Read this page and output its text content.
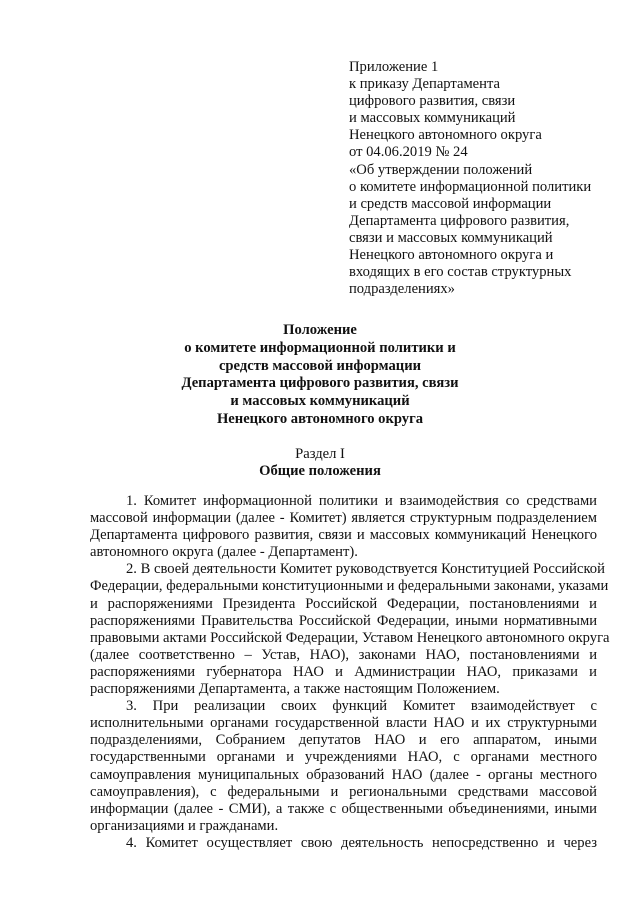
Приложение 1
к приказу Департамента
цифрового развития, связи
и массовых коммуникаций
Ненецкого автономного округа
от 04.06.2019 № 24
«Об утверждении положений
о комитете информационной политики
и средств массовой информации
Департамента цифрового развития,
связи и массовых коммуникаций
Ненецкого автономного округа и
входящих в его состав структурных
подразделениях»
Положение
о комитете информационной политики и
средств массовой информации
Департамента цифрового развития, связи
и массовых коммуникаций
Ненецкого автономного округа
Раздел I
Общие положения
1. Комитет информационной политики и взаимодействия со средствами
массовой информации (далее - Комитет) является структурным подразделением
Департамента цифрового развития, связи и массовых коммуникаций Ненецкого
автономного округа (далее - Департамент).
2. В своей деятельности Комитет руководствуется Конституцией Российской
Федерации, федеральными конституционными и федеральными законами, указами
и распоряжениями Президента Российской Федерации, постановлениями и
распоряжениями Правительства Российской Федерации, иными нормативными
правовыми актами Российской Федерации, Уставом Ненецкого автономного округа
(далее соответственно – Устав, НАО), законами НАО, постановлениями и
распоряжениями губернатора НАО и Администрации НАО, приказами и
распоряжениями Департамента, а также настоящим Положением.
3. При реализации своих функций Комитет взаимодействует с
исполнительными органами государственной власти НАО и их структурными
подразделениями, Собранием депутатов НАО и его аппаратом, иными
государственными органами и учреждениями НАО, с органами местного
самоуправления муниципальных образований НАО (далее - органы местного
самоуправления), с федеральными и региональными средствами массовой
информации (далее - СМИ), а также с общественными объединениями, иными
организациями и гражданами.
4. Комитет осуществляет свою деятельность непосредственно и через
